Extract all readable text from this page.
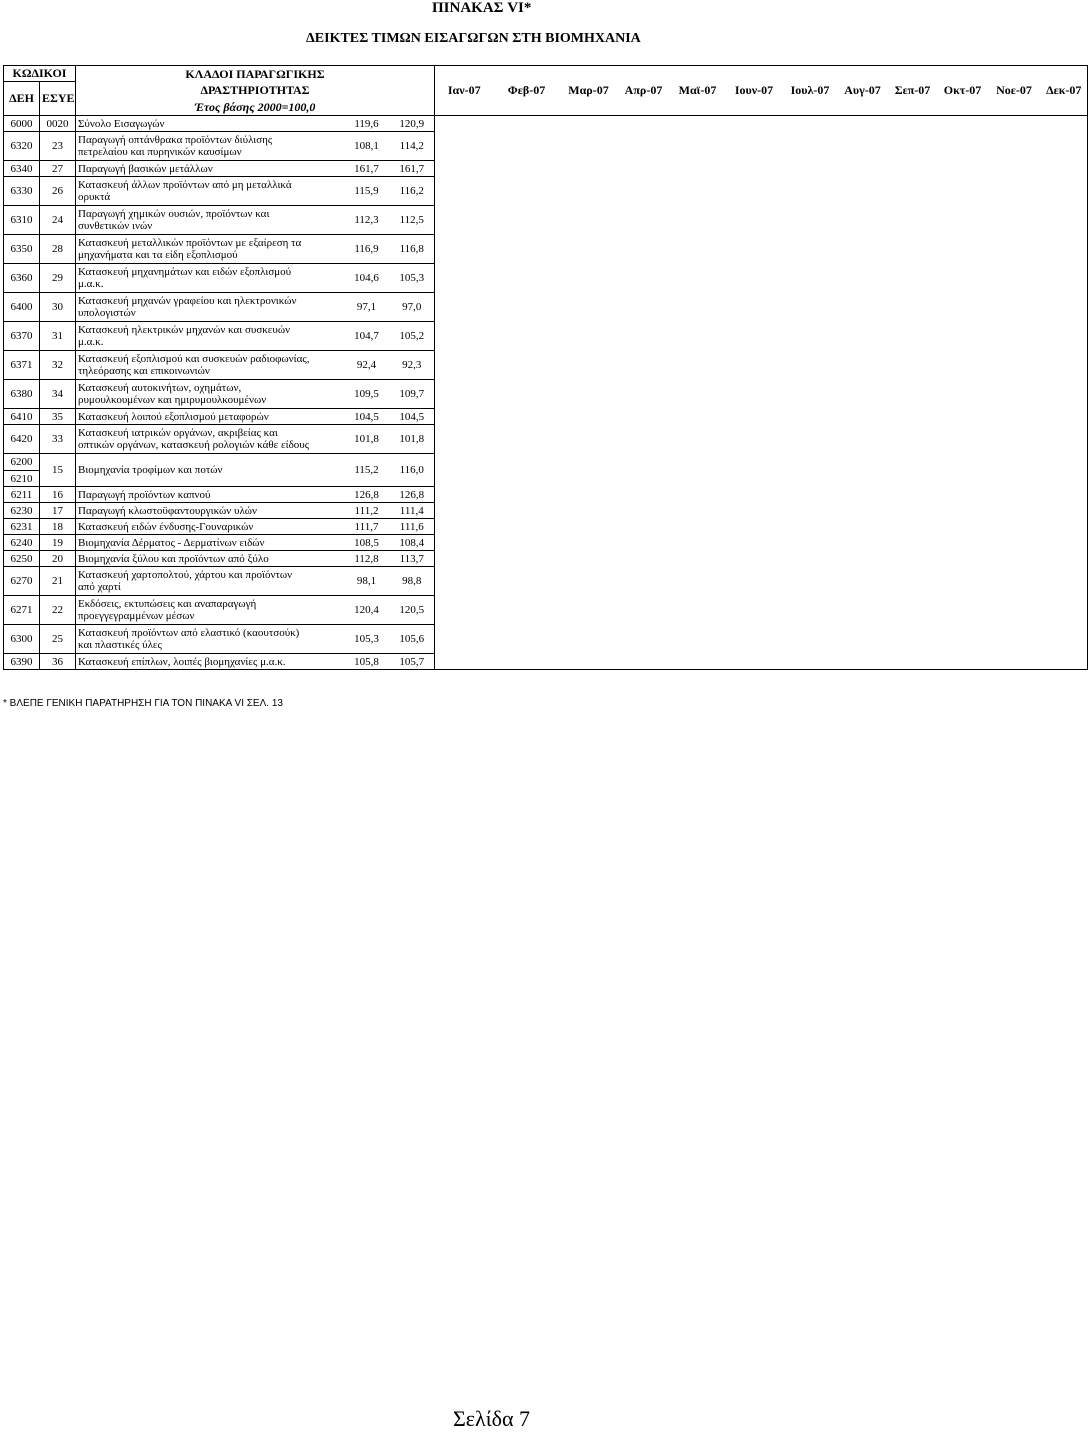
ΠΙΝΑΚΑΣ VI*
ΔΕΙΚΤΕΣ ΤΙΜΩΝ ΕΙΣΑΓΩΓΩΝ ΣΤΗ ΒΙΟΜΗΧΑΝΙΑ
ΚΩΔΙΚΟΙ		ΚΛΑΔΟΙ ΠΑΡΑΓΩΓΙΚΗΣ			Ιαν-07	Φεβ-07	Μαρ-07	Απρ-07	Μαϊ-07	Ιουν-07	Ιουλ-07	Αυγ-07	Σεπ-07	Οκτ-07	Νοε-07	Δεκ-07
ΔΕΗ	ΕΣΥΕ	ΔΡΑΣΤΗΡΙΟΤΗΤΑΣ														
		Έτος βάσης 2000=100,0														

6000	0020	Σύνολο Εισαγωγών	119,6	120,9												

6320	23	Παραγωγή οπτάνθρακα προϊόντων διύλισης
πετρελαίου και πυρηνικών καυσίμων	108,1	114,2												

6340	27	Παραγωγή βασικών μετάλλων	161,7	161,7												

6330	26	Κατασκευή άλλων προϊόντων από μη μεταλλικά
ορυκτά	115,9	116,2												

6310	24	Παραγωγή χημικών ουσιών, προϊόντων και
συνθετικών ινών	112,3	112,5												

6350	28	Κατασκευή μεταλλικών προϊόντων με εξαίρεση τα
μηχανήματα και τα είδη εξοπλισμού	116,9	116,8												

6360	29	Κατασκευή μηχανημάτων και ειδών εξοπλισμού
μ.α.κ.	104,6	105,3												

6400	30	Κατασκευή μηχανών γραφείου και ηλεκτρονικών
υπολογιστών	97,1	97,0												

6370	31	Κατασκευή ηλεκτρικών μηχανών και συσκευών
μ.α.κ.	104,7	105,2												

6371	32	Κατασκευή εξοπλισμού και συσκευών ραδιοφωνίας,
τηλεόρασης και επικοινωνιών	92,4	92,3												

6380	34	Κατασκευή αυτοκινήτων, οχημάτων,
ρυμουλκουμένων και ημιρυμουλκουμένων	109,5	109,7												

6410	35	Κατασκευή λοιπού εξοπλισμού μεταφορών	104,5	104,5												

6420	33	Κατασκευή ιατρικών οργάνων, ακριβείας και
οπτικών οργάνων, κατασκευή ρολογιών κάθε είδους	101,8	101,8												

6200
6210	15	Βιομηχανία τροφίμων και ποτών	115,2	116,0												

6211	16	Παραγωγή προϊόντων καπνού	126,8	126,8												

6230	17	Παραγωγή κλωστοϋφαντουργικών υλών	111,2	111,4												

6231	18	Κατασκευή ειδών ένδυσης-Γουναρικών	111,7	111,6												

6240	19	Βιομηχανία Δέρματος - Δερματίνων ειδών	108,5	108,4												

6250	20	Βιομηχανία ξύλου και προϊόντων από ξύλο	112,8	113,7												

6270	21	Κατασκευή χαρτοπολτού, χάρτου και προϊόντων
από χαρτί	98,1	98,8												

6271	22	Εκδόσεις, εκτυπώσεις και αναπαραγωγή
προεγγεγραμμένων μέσων	120,4	120,5												

6300	25	Κατασκευή προϊόντων από ελαστικό (καουτσούκ)
και πλαστικές ύλες	105,3	105,6												

6390	36	Κατασκευή επίπλων, λοιπές βιομηχανίες μ.α.κ.	105,8	105,7												
* ΒΛΕΠΕ ΓΕΝΙΚΗ ΠΑΡΑΤΗΡΗΣΗ ΓΙΑ ΤΟΝ ΠΙΝΑΚΑ VI ΣΕΛ. 13
Σελίδα 7
